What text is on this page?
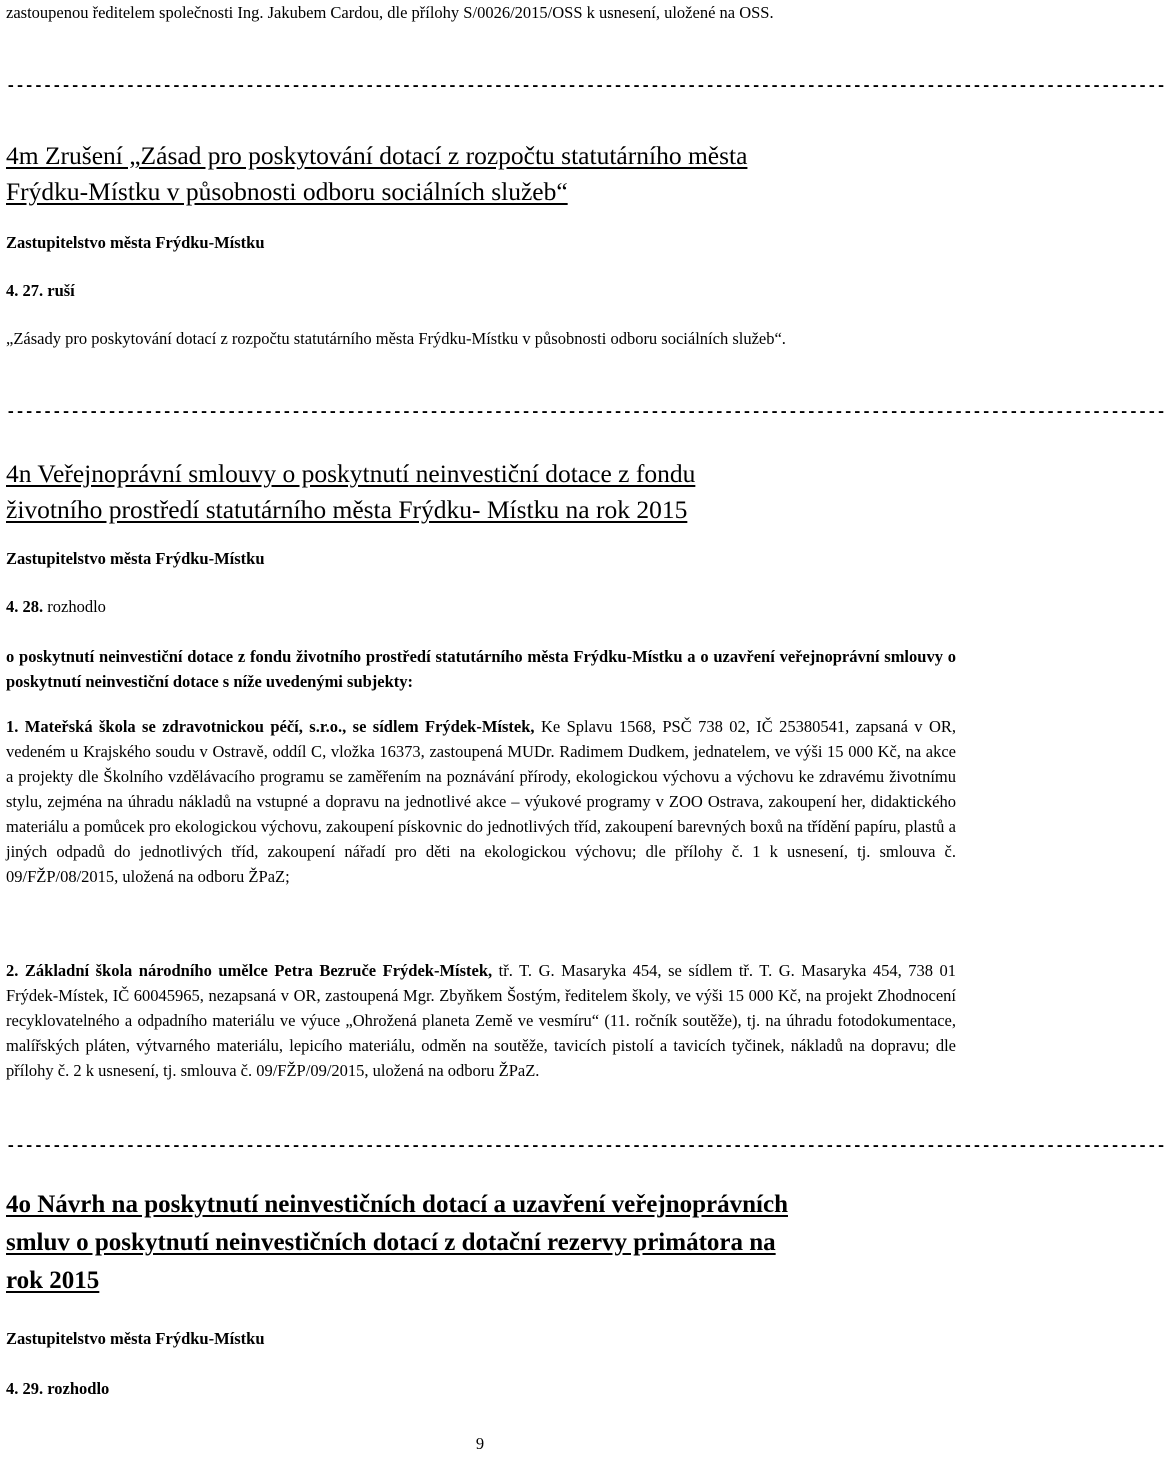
zastoupenou ředitelem společnosti Ing. Jakubem Cardou, dle přílohy S/0026/2015/OSS k usnesení, uložené na OSS.

------------------------------------------------------------------------------------------------------------------------------
4m Zrušení „Zásad pro poskytování dotací z rozpočtu statutárního města
Frýdku-Místku v působnosti odboru sociálních služeb“

Zastupitelstvo města Frýdku-Místku

4. 27. ruší

„Zásady pro poskytování dotací z rozpočtu statutárního města Frýdku-Místku v působnosti odboru sociálních služeb“.

------------------------------------------------------------------------------------------------------------------------------
4n Veřejnoprávní smlouvy o poskytnutí neinvestiční dotace z fondu
životního prostředí statutárního města Frýdku- Místku na rok 2015

Zastupitelstvo města Frýdku-Místku

4. 28. rozhodlo

o poskytnutí neinvestiční dotace z fondu životního prostředí statutárního města Frýdku-Místku a o uzavření veřejnoprávní smlouvy o poskytnutí neinvestiční dotace s níže uvedenými subjekty:

1. Mateřská škola se zdravotnickou péčí, s.r.o., se sídlem Frýdek-Místek, Ke Splavu 1568, PSČ 738 02, IČ 25380541, zapsaná v OR, vedeném u Krajského soudu v Ostravě, oddíl C, vložka 16373, zastoupená MUDr. Radimem Dudkem, jednatelem, ve výši 15 000 Kč, na akce a projekty dle Školního vzdělávacího programu se zaměřením na poznávání přírody, ekologickou výchovu a výchovu ke zdravému životnímu stylu, zejména na úhradu nákladů na vstupné a dopravu na jednotlivé akce – výukové programy v ZOO Ostrava, zakoupení her, didaktického materiálu a pomůcek pro ekologickou výchovu, zakoupení pískovnic do jednotlivých tříd, zakoupení barevných boxů na třídění papíru, plastů a jiných odpadů do jednotlivých tříd, zakoupení nářadí pro děti na ekologickou výchovu; dle přílohy č. 1 k usnesení, tj. smlouva č. 09/FŽP/08/2015, uložená na odboru ŽPaZ;

2. Základní škola národního umělce Petra Bezruče Frýdek-Místek, tř. T. G. Masaryka 454, se sídlem tř. T. G. Masaryka 454, 738 01 Frýdek-Místek, IČ 60045965, nezapsaná v OR, zastoupená Mgr. Zbyňkem Šostým, ředitelem školy, ve výši 15 000 Kč, na projekt Zhodnocení recyklovatelného a odpadního materiálu ve výuce „Ohrožená planeta Země ve vesmíru“ (11. ročník soutěže), tj. na úhradu fotodokumentace, malířských pláten, výtvarného materiálu, lepicího materiálu, odměn na soutěže, tavicích pistolí a tavicích tyčinek, nákladů na dopravu; dle přílohy č. 2 k usnesení, tj. smlouva č. 09/FŽP/09/2015, uložená na odboru ŽPaZ.

------------------------------------------------------------------------------------------------------------------------------
4o Návrh na poskytnutí neinvestičních dotací a uzavření veřejnoprávních
smluv o poskytnutí neinvestičních dotací z dotační rezervy primátora na
rok 2015

Zastupitelstvo města Frýdku-Místku

4. 29. rozhodlo

9
